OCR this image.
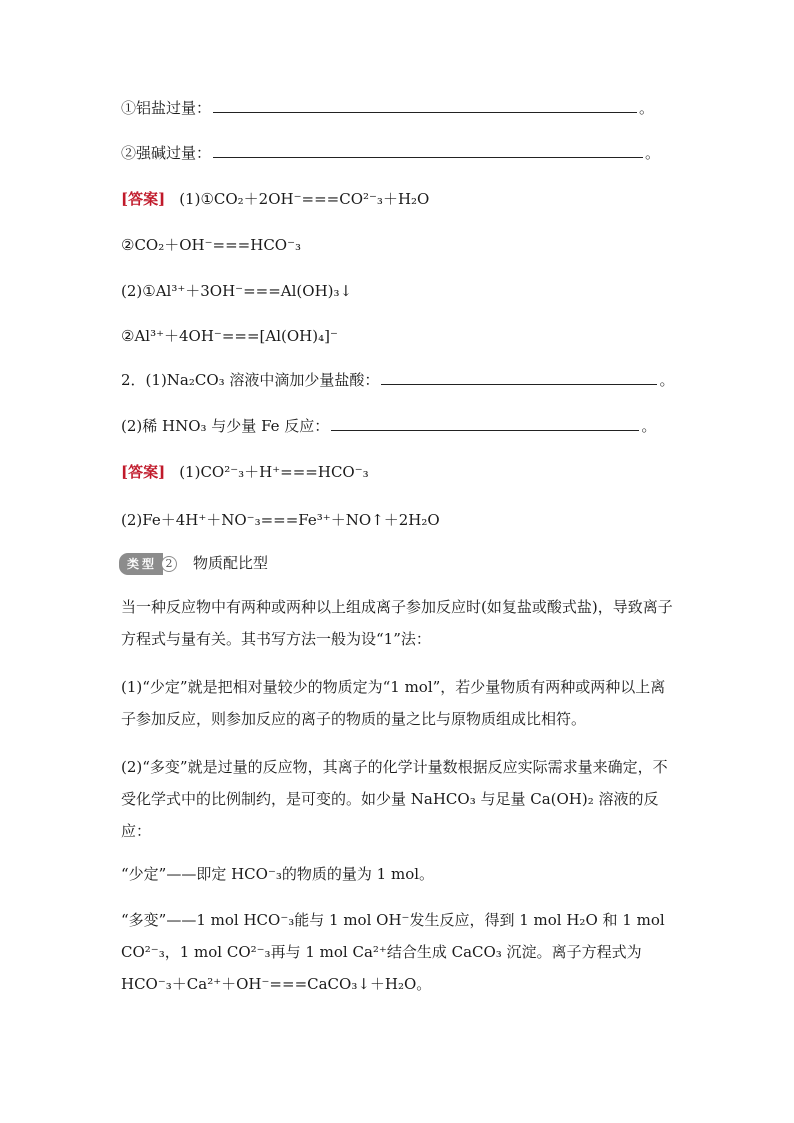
①铝盐过量：	。
②强碱过量：	。
[答案] (1)①CO₂＋2OH⁻===CO²⁻₃＋H₂O
②CO₂＋OH⁻===HCO⁻₃
(2)①Al³⁺＋3OH⁻===Al(OH)₃↓
②Al³⁺＋4OH⁻===[Al(OH)₄]⁻
2．(1)Na₂CO₃ 溶液中滴加少量盐酸：	。
(2)稀 HNO₃ 与少量 Fe 反应：	。
[答案] (1)CO²⁻₃＋H⁺===HCO⁻₃
(2)Fe＋4H⁺＋NO⁻₃===Fe³⁺＋NO↑＋2H₂O
类型 2 物质配比型
当一种反应物中有两种或两种以上组成离子参加反应时(如复盐或酸式盐)，导致离子方程式与量有关。其书写方法一般为设“1”法：
(1)“少定”就是把相对量较少的物质定为“1 mol”，若少量物质有两种或两种以上离子参加反应，则参加反应的离子的物质的量之比与原物质组成比相符。
(2)“多变”就是过量的反应物，其离子的化学计量数根据反应实际需求量来确定，不受化学式中的比例制约，是可变的。如少量 NaHCO₃ 与足量 Ca(OH)₂ 溶液的反应：
“少定”——即定 HCO⁻₃的物质的量为 1 mol。
“多变”——1 mol HCO⁻₃能与 1 mol OH⁻发生反应，得到 1 mol H₂O 和 1 mol CO²⁻₃，1 mol CO²⁻₃再与 1 mol Ca²⁺结合生成 CaCO₃ 沉淀。离子方程式为 HCO⁻₃＋Ca²⁺＋OH⁻===CaCO₃↓＋H₂O。
